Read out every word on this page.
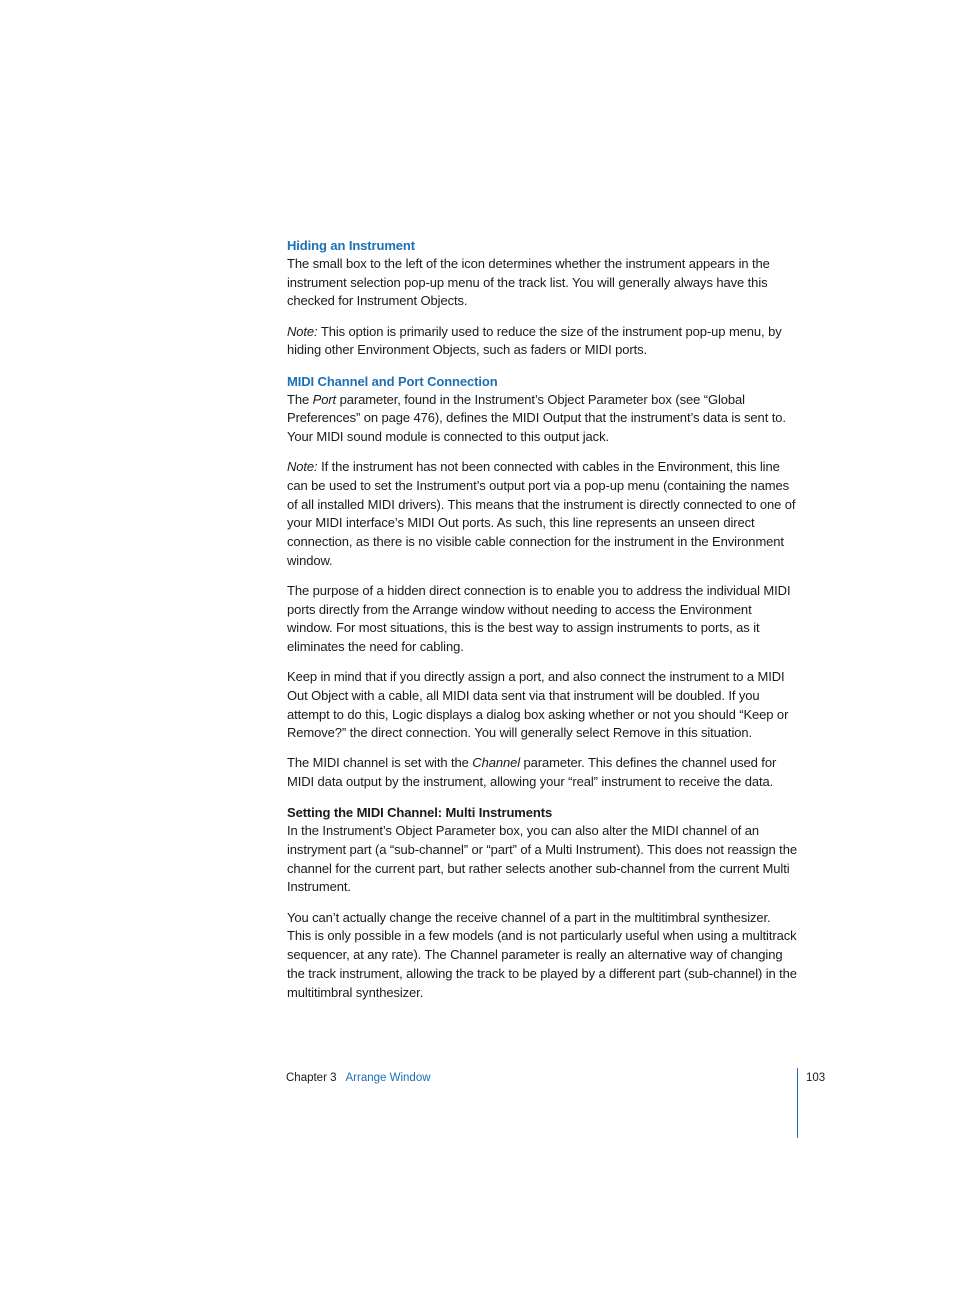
Hiding an Instrument

The small box to the left of the icon determines whether the instrument appears in the instrument selection pop-up menu of the track list. You will generally always have this checked for Instrument Objects.

Note: This option is primarily used to reduce the size of the instrument pop-up menu, by hiding other Environment Objects, such as faders or MIDI ports.

MIDI Channel and Port Connection

The Port parameter, found in the Instrument’s Object Parameter box (see “Global Preferences” on page 476), defines the MIDI Output that the instrument’s data is sent to. Your MIDI sound module is connected to this output jack.

Note: If the instrument has not been connected with cables in the Environment, this line can be used to set the Instrument’s output port via a pop-up menu (containing the names of all installed MIDI drivers). This means that the instrument is directly connected to one of your MIDI interface’s MIDI Out ports. As such, this line represents an unseen direct connection, as there is no visible cable connection for the instrument in the Environment window.

The purpose of a hidden direct connection is to enable you to address the individual MIDI ports directly from the Arrange window without needing to access the Environment window. For most situations, this is the best way to assign instruments to ports, as it eliminates the need for cabling.

Keep in mind that if you directly assign a port, and also connect the instrument to a MIDI Out Object with a cable, all MIDI data sent via that instrument will be doubled. If you attempt to do this, Logic displays a dialog box asking whether or not you should “Keep or Remove?” the direct connection. You will generally select Remove in this situation.

The MIDI channel is set with the Channel parameter. This defines the channel used for MIDI data output by the instrument, allowing your “real” instrument to receive the data.

Setting the MIDI Channel: Multi Instruments

In the Instrument’s Object Parameter box, you can also alter the MIDI channel of an instryment part (a “sub-channel” or “part” of a Multi Instrument). This does not reassign the channel for the current part, but rather selects another sub-channel from the current Multi Instrument.

You can’t actually change the receive channel of a part in the multitimbral synthesizer. This is only possible in a few models (and is not particularly useful when using a multitrack sequencer, at any rate). The Channel parameter is really an alternative way of changing the track instrument, allowing the track to be played by a different part (sub-channel) in the multitimbral synthesizer.

Chapter 3 Arrange Window	103
